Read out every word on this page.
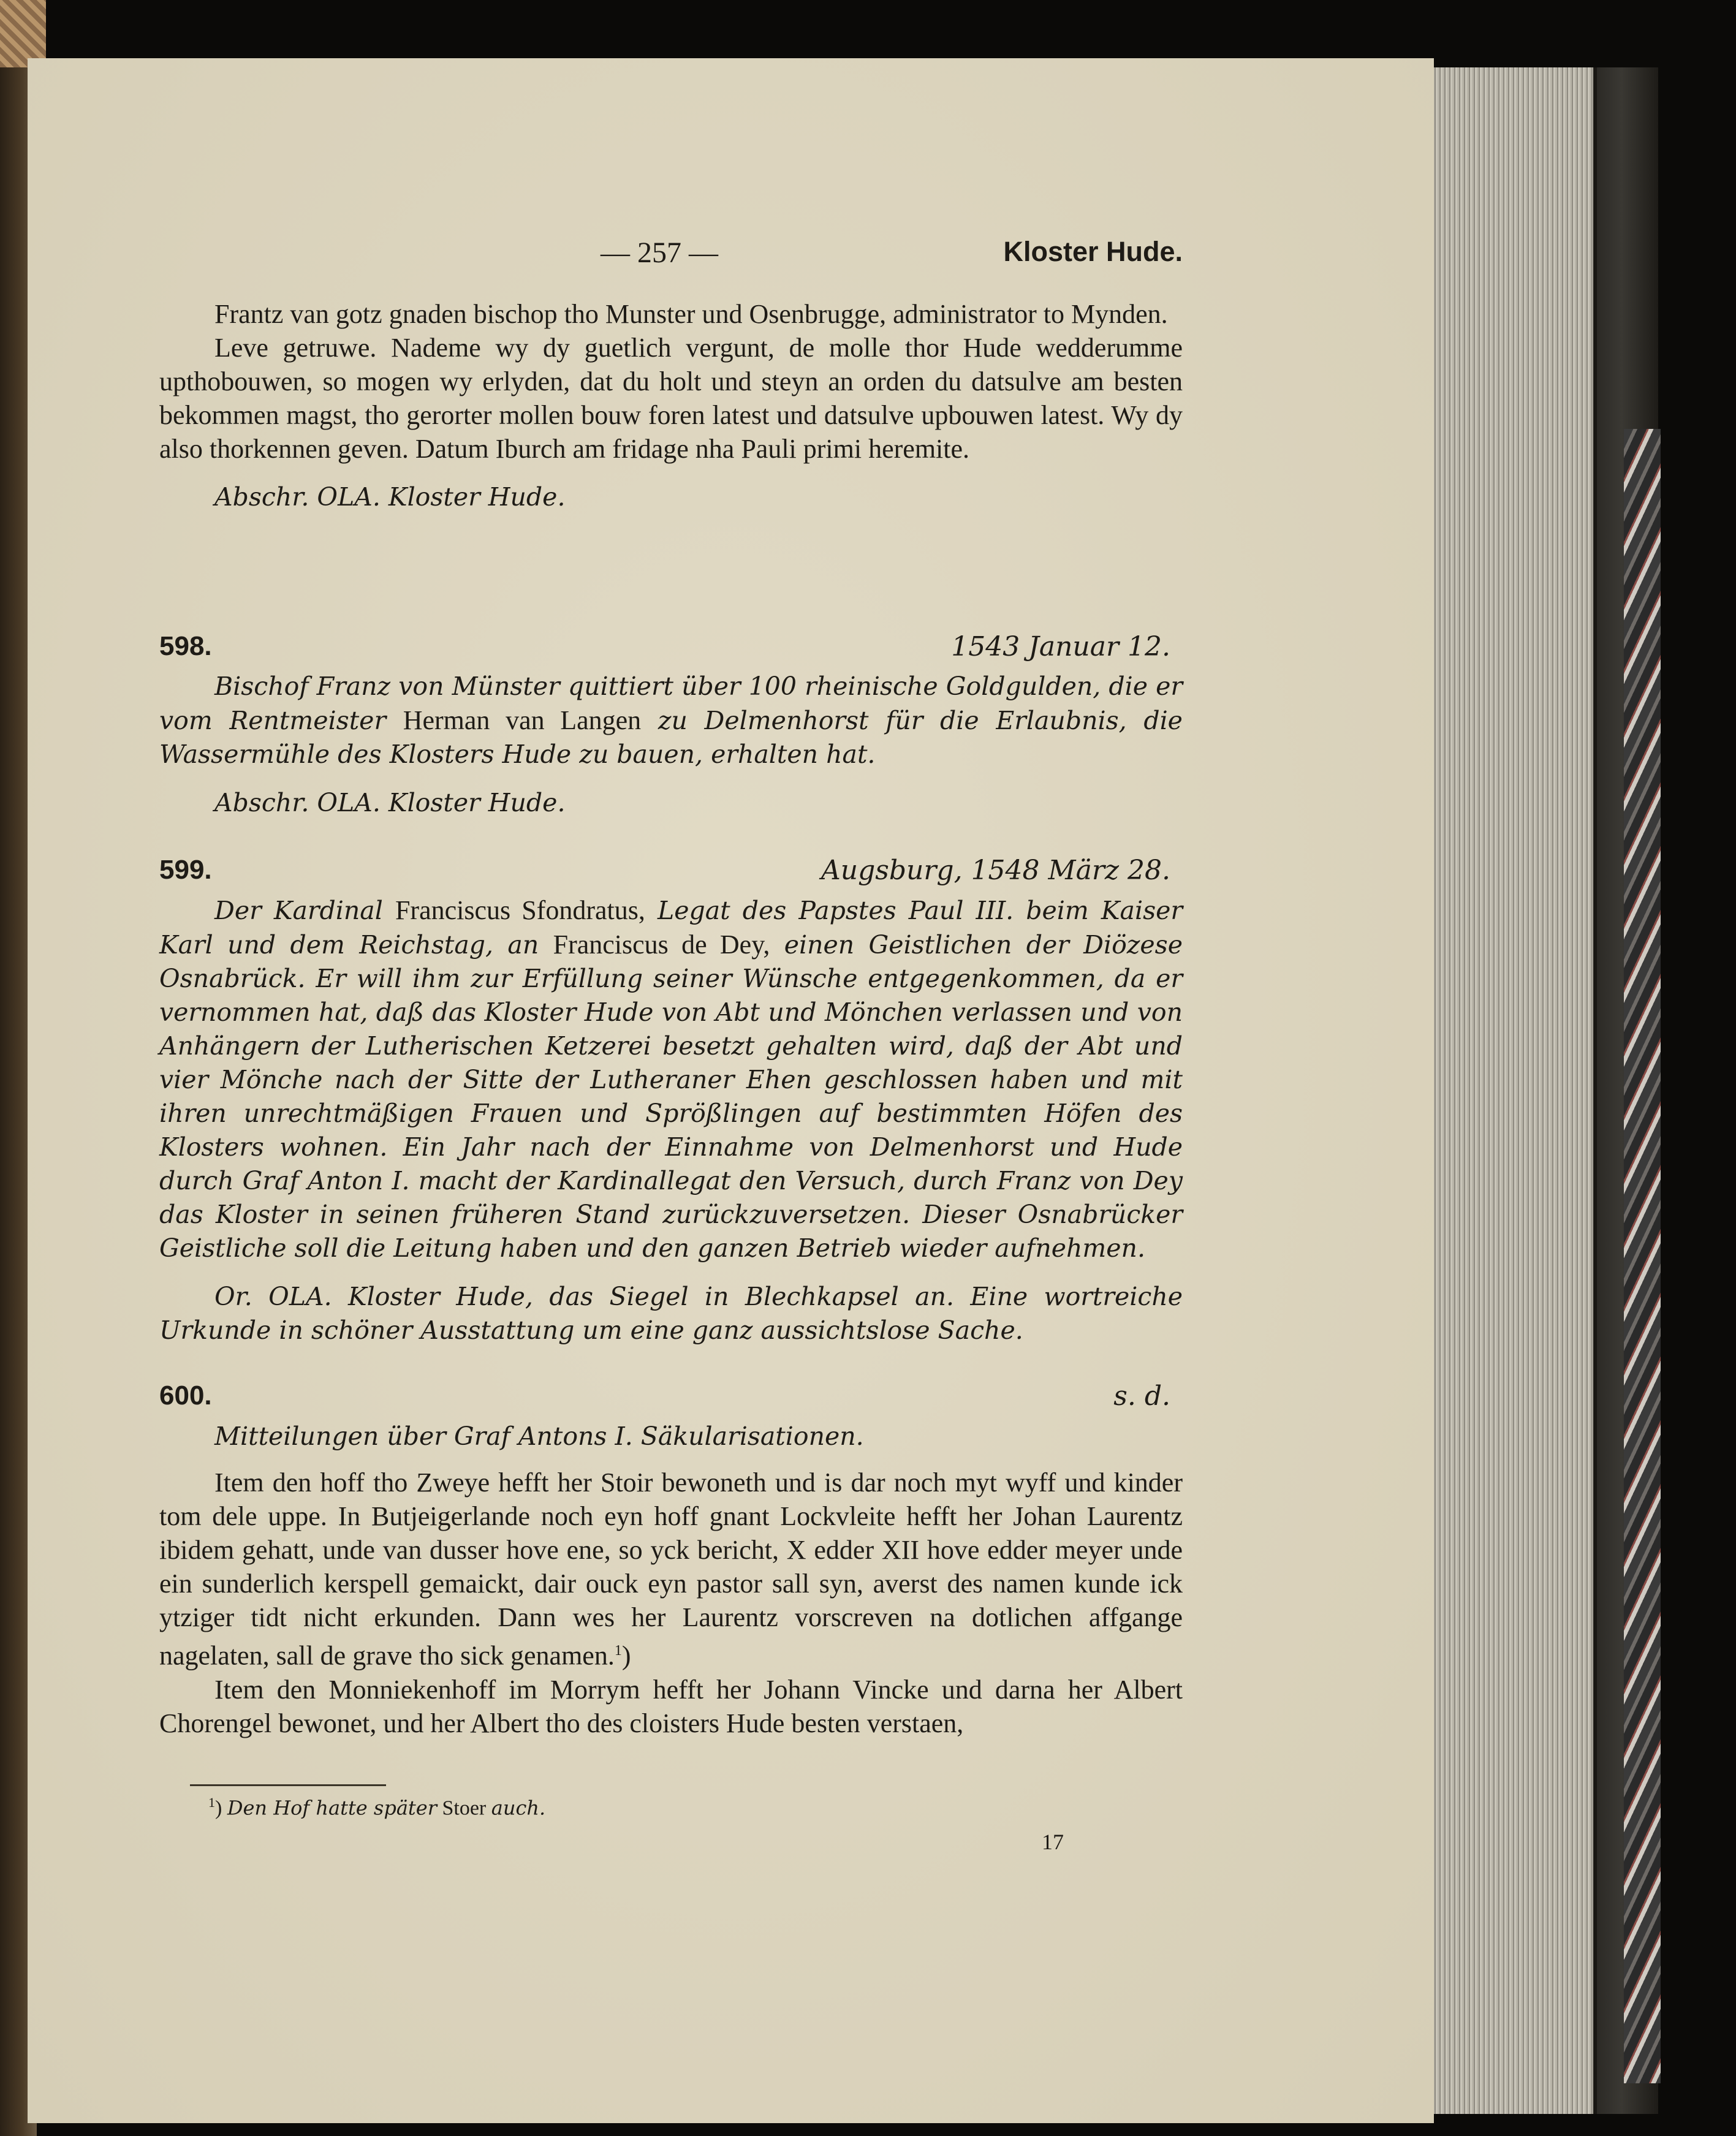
— 257 —	Kloster Hude.

Frantz van gotz gnaden bischop tho Munster und Osenbrugge, administrator to Mynden.

Leve getruwe. Nademe wy dy guetlich vergunt, de molle thor Hude wedderumme upthobouwen, so mogen wy erlyden, dat du holt und steyn an orden du datsulve am besten bekommen magst, tho gerorter mollen bouw foren latest und datsulve upbouwen latest. Wy dy also thorkennen geven. Datum Iburch am fridage nha Pauli primi heremite.

Abschr. OLA. Kloster Hude.

598.	1543 Januar 12.

Bischof Franz von Münster quittiert über 100 rheinische Goldgulden, die er vom Rentmeister Herman van Langen zu Delmenhorst für die Erlaubnis, die Wassermühle des Klosters Hude zu bauen, erhalten hat.

Abschr. OLA. Kloster Hude.

599.	Augsburg, 1548 März 28.

Der Kardinal Franciscus Sfondratus, Legat des Papstes Paul III. beim Kaiser Karl und dem Reichstag, an Franciscus de Dey, einen Geistlichen der Diözese Osnabrück. Er will ihm zur Erfüllung seiner Wünsche entgegenkommen, da er vernommen hat, daß das Kloster Hude von Abt und Mönchen verlassen und von Anhängern der Lutherischen Ketzerei besetzt gehalten wird, daß der Abt und vier Mönche nach der Sitte der Lutheraner Ehen geschlossen haben und mit ihren unrechtmäßigen Frauen und Sprößlingen auf bestimmten Höfen des Klosters wohnen. Ein Jahr nach der Einnahme von Delmenhorst und Hude durch Graf Anton I. macht der Kardinallegat den Versuch, durch Franz von Dey das Kloster in seinen früheren Stand zurückzuversetzen. Dieser Osnabrücker Geistliche soll die Leitung haben und den ganzen Betrieb wieder aufnehmen.

Or. OLA. Kloster Hude, das Siegel in Blechkapsel an. Eine wortreiche Urkunde in schöner Ausstattung um eine ganz aussichtslose Sache.

600.	s. d.

Mitteilungen über Graf Antons I. Säkularisationen.

Item den hoff tho Zweye hefft her Stoir bewoneth und is dar noch myt wyff und kinder tom dele uppe. In Butjeigerlande noch eyn hoff gnant Lockvleite hefft her Johan Laurentz ibidem gehatt, unde van dusser hove ene, so yck bericht, X edder XII hove edder meyer unde ein sunderlich kerspell gemaickt, dair ouck eyn pastor sall syn, averst des namen kunde ick ytziger tidt nicht erkunden. Dann wes her Laurentz vorscreven na dotlichen affgange nagelaten, sall de grave tho sick genamen.$^1$)

Item den Monniekenhoff im Morrym hefft her Johann Vincke und darna her Albert Chorengel bewonet, und her Albert tho des cloisters Hude besten verstaen,

$^1$) Den Hof hatte später Stoer auch.
17
